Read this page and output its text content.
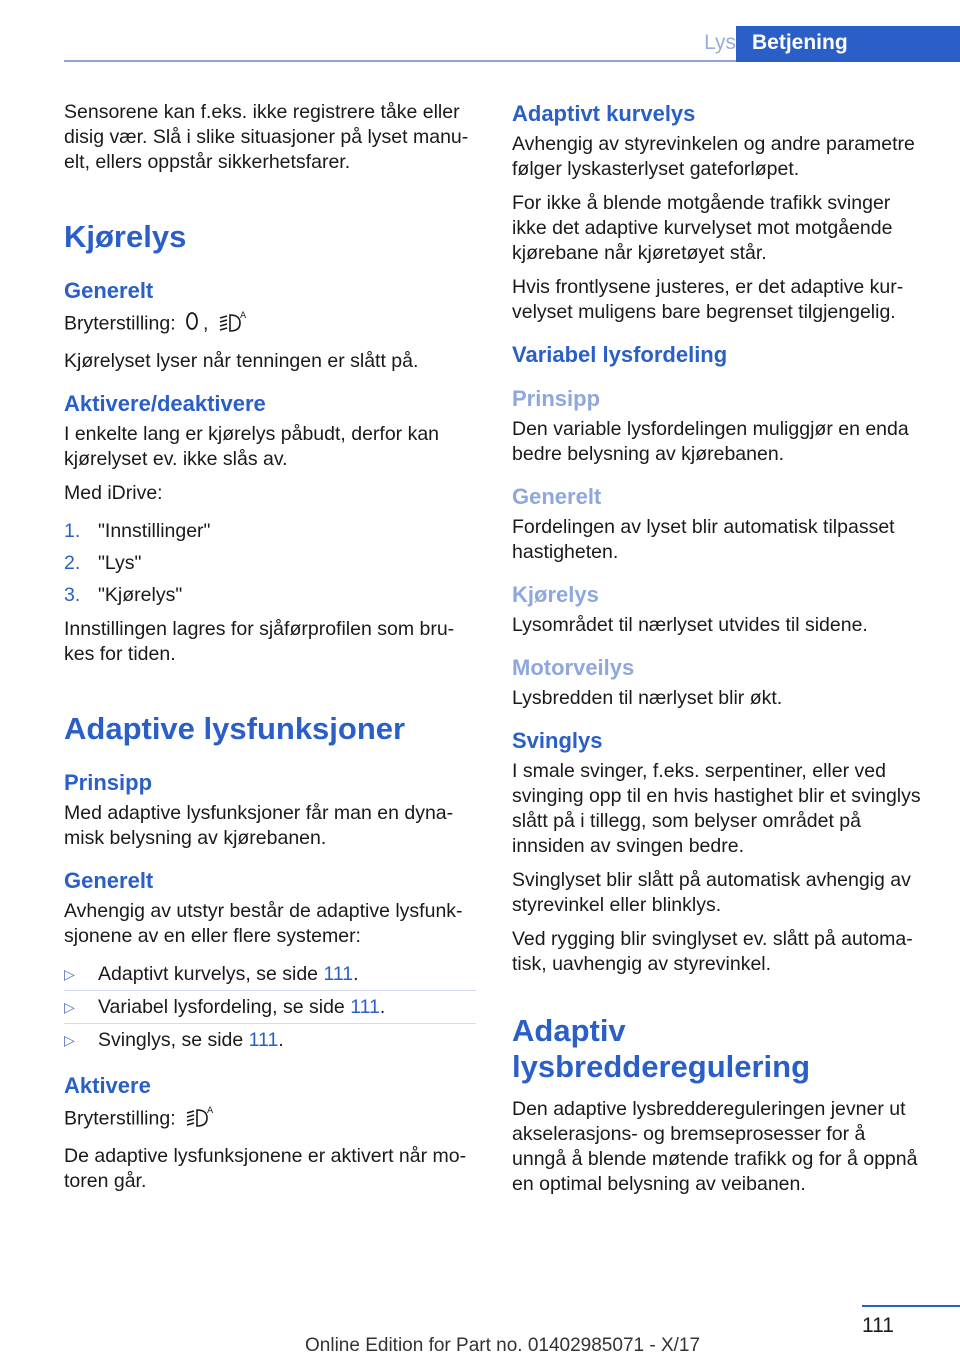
Lys Betjening

Sensorene kan f.eks. ikke registrere tåke eller disig vær. Slå i slike situasjoner på lyset manuelt, ellers oppstår sikkerhetsfarer.

Kjørelys
Generelt

Bryterstilling: ,	A

Kjørelyset lyser når tenningen er slått på.

Aktivere/deaktivere

I enkelte lang er kjørelys påbudt, derfor kan kjørelyset ev. ikke slås av.

Med iDrive:

1. "Innstillinger"
2. "Lys"
3. "Kjørelys"

Innstillingen lagres for sjåførprofilen som brukes for tiden.

Adaptive lysfunksjoner
Prinsipp

Med adaptive lysfunksjoner får man en dynamisk belysning av kjørebanen.

Generelt

Avhengig av utstyr består de adaptive lysfunksjonene av en eller flere systemer:

▷ Adaptivt kurvelys, se side 111.
▷ Variabel lysfordeling, se side 111.
▷ Svinglys, se side 111.
Aktivere

Bryterstilling:	A

De adaptive lysfunksjonene er aktivert når motoren går.

Adaptivt kurvelys

Avhengig av styrevinkelen og andre parametre følger lyskasterlyset gateforløpet.

For ikke å blende motgående trafikk svinger ikke det adaptive kurvelyset mot motgående kjørebane når kjøretøyet står.

Hvis frontlysene justeres, er det adaptive kurvelyset muligens bare begrenset tilgjengelig.

Variabel lysfordeling
Prinsipp

Den variable lysfordelingen muliggjør en enda bedre belysning av kjørebanen.

Generelt

Fordelingen av lyset blir automatisk tilpasset hastigheten.

Kjørelys

Lysområdet til nærlyset utvides til sidene.

Motorveilys

Lysbredden til nærlyset blir økt.

Svinglys

I smale svinger, f.eks. serpentiner, eller ved svinging opp til en hvis hastighet blir et svinglys slått på i tillegg, som belyser området på innsiden av svingen bedre.

Svinglyset blir slått på automatisk avhengig av styrevinkel eller blinklys.

Ved rygging blir svinglyset ev. slått på automatisk, uavhengig av styrevinkel.

Adaptiv lysbredderegulering

Den adaptive lysbreddereguleringen jevner ut akselerasjons- og bremseprosesser for å unngå å blende møtende trafikk og for å oppnå en optimal belysning av veibanen.

111
Online Edition for Part no. 01402985071 - X/17
